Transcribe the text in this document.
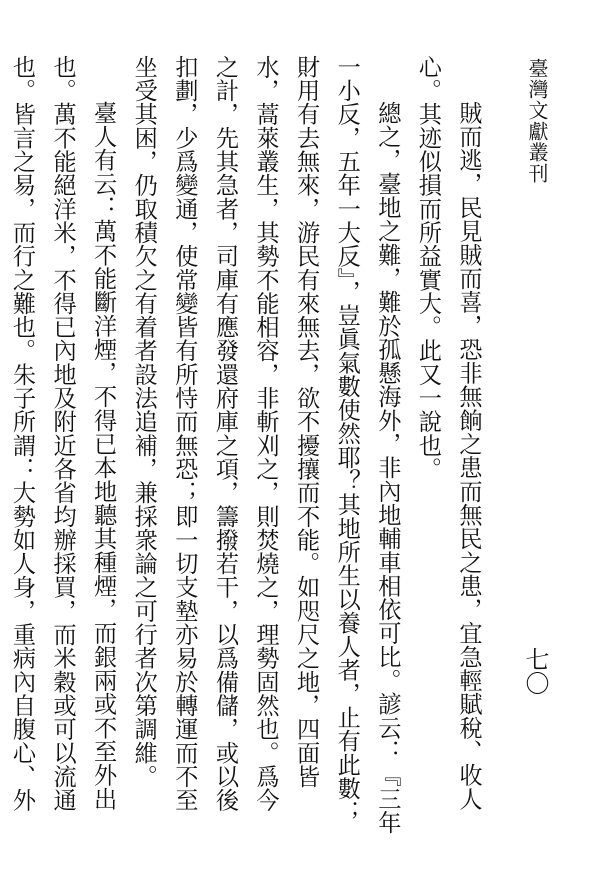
臺灣文獻叢刊
七〇

賊而逃，民見賊而喜，恐非無餉之患而無民之患，宜急輕賦稅、收人心。其迹似損而所益實大。此又一說也。

總之，臺地之難，難於孤懸海外，非內地輔車相依可比。諺云：『三年一小反，五年一大反』，豈眞氣數使然耶？其地所生以養人者，止有此數；財用有去無來，游民有來無去，欲不擾攘而不能。如咫尺之地，四面皆水，蒿萊叢生，其勢不能相容，非斬刈之，則焚燒之，理勢固然也。爲今之計，先其急者，司庫有應發還府庫之項，籌撥若干，以爲備儲，或以後扣劃，少爲變通，使常變皆有所恃而無恐；即一切支墊亦易於轉運而不至坐受其困，仍取積欠之有着者設法追補，兼採衆論之可行者次第調維。

臺人有云：萬不能斷洋煙，不得已本地聽其種煙，而銀兩或不至外出也。萬不能絕洋米，不得已內地及附近各省均辦採買，而米穀或可以流通也。皆言之易，而行之難也。朱子所謂：大勢如人身，重病內自腹心、外
